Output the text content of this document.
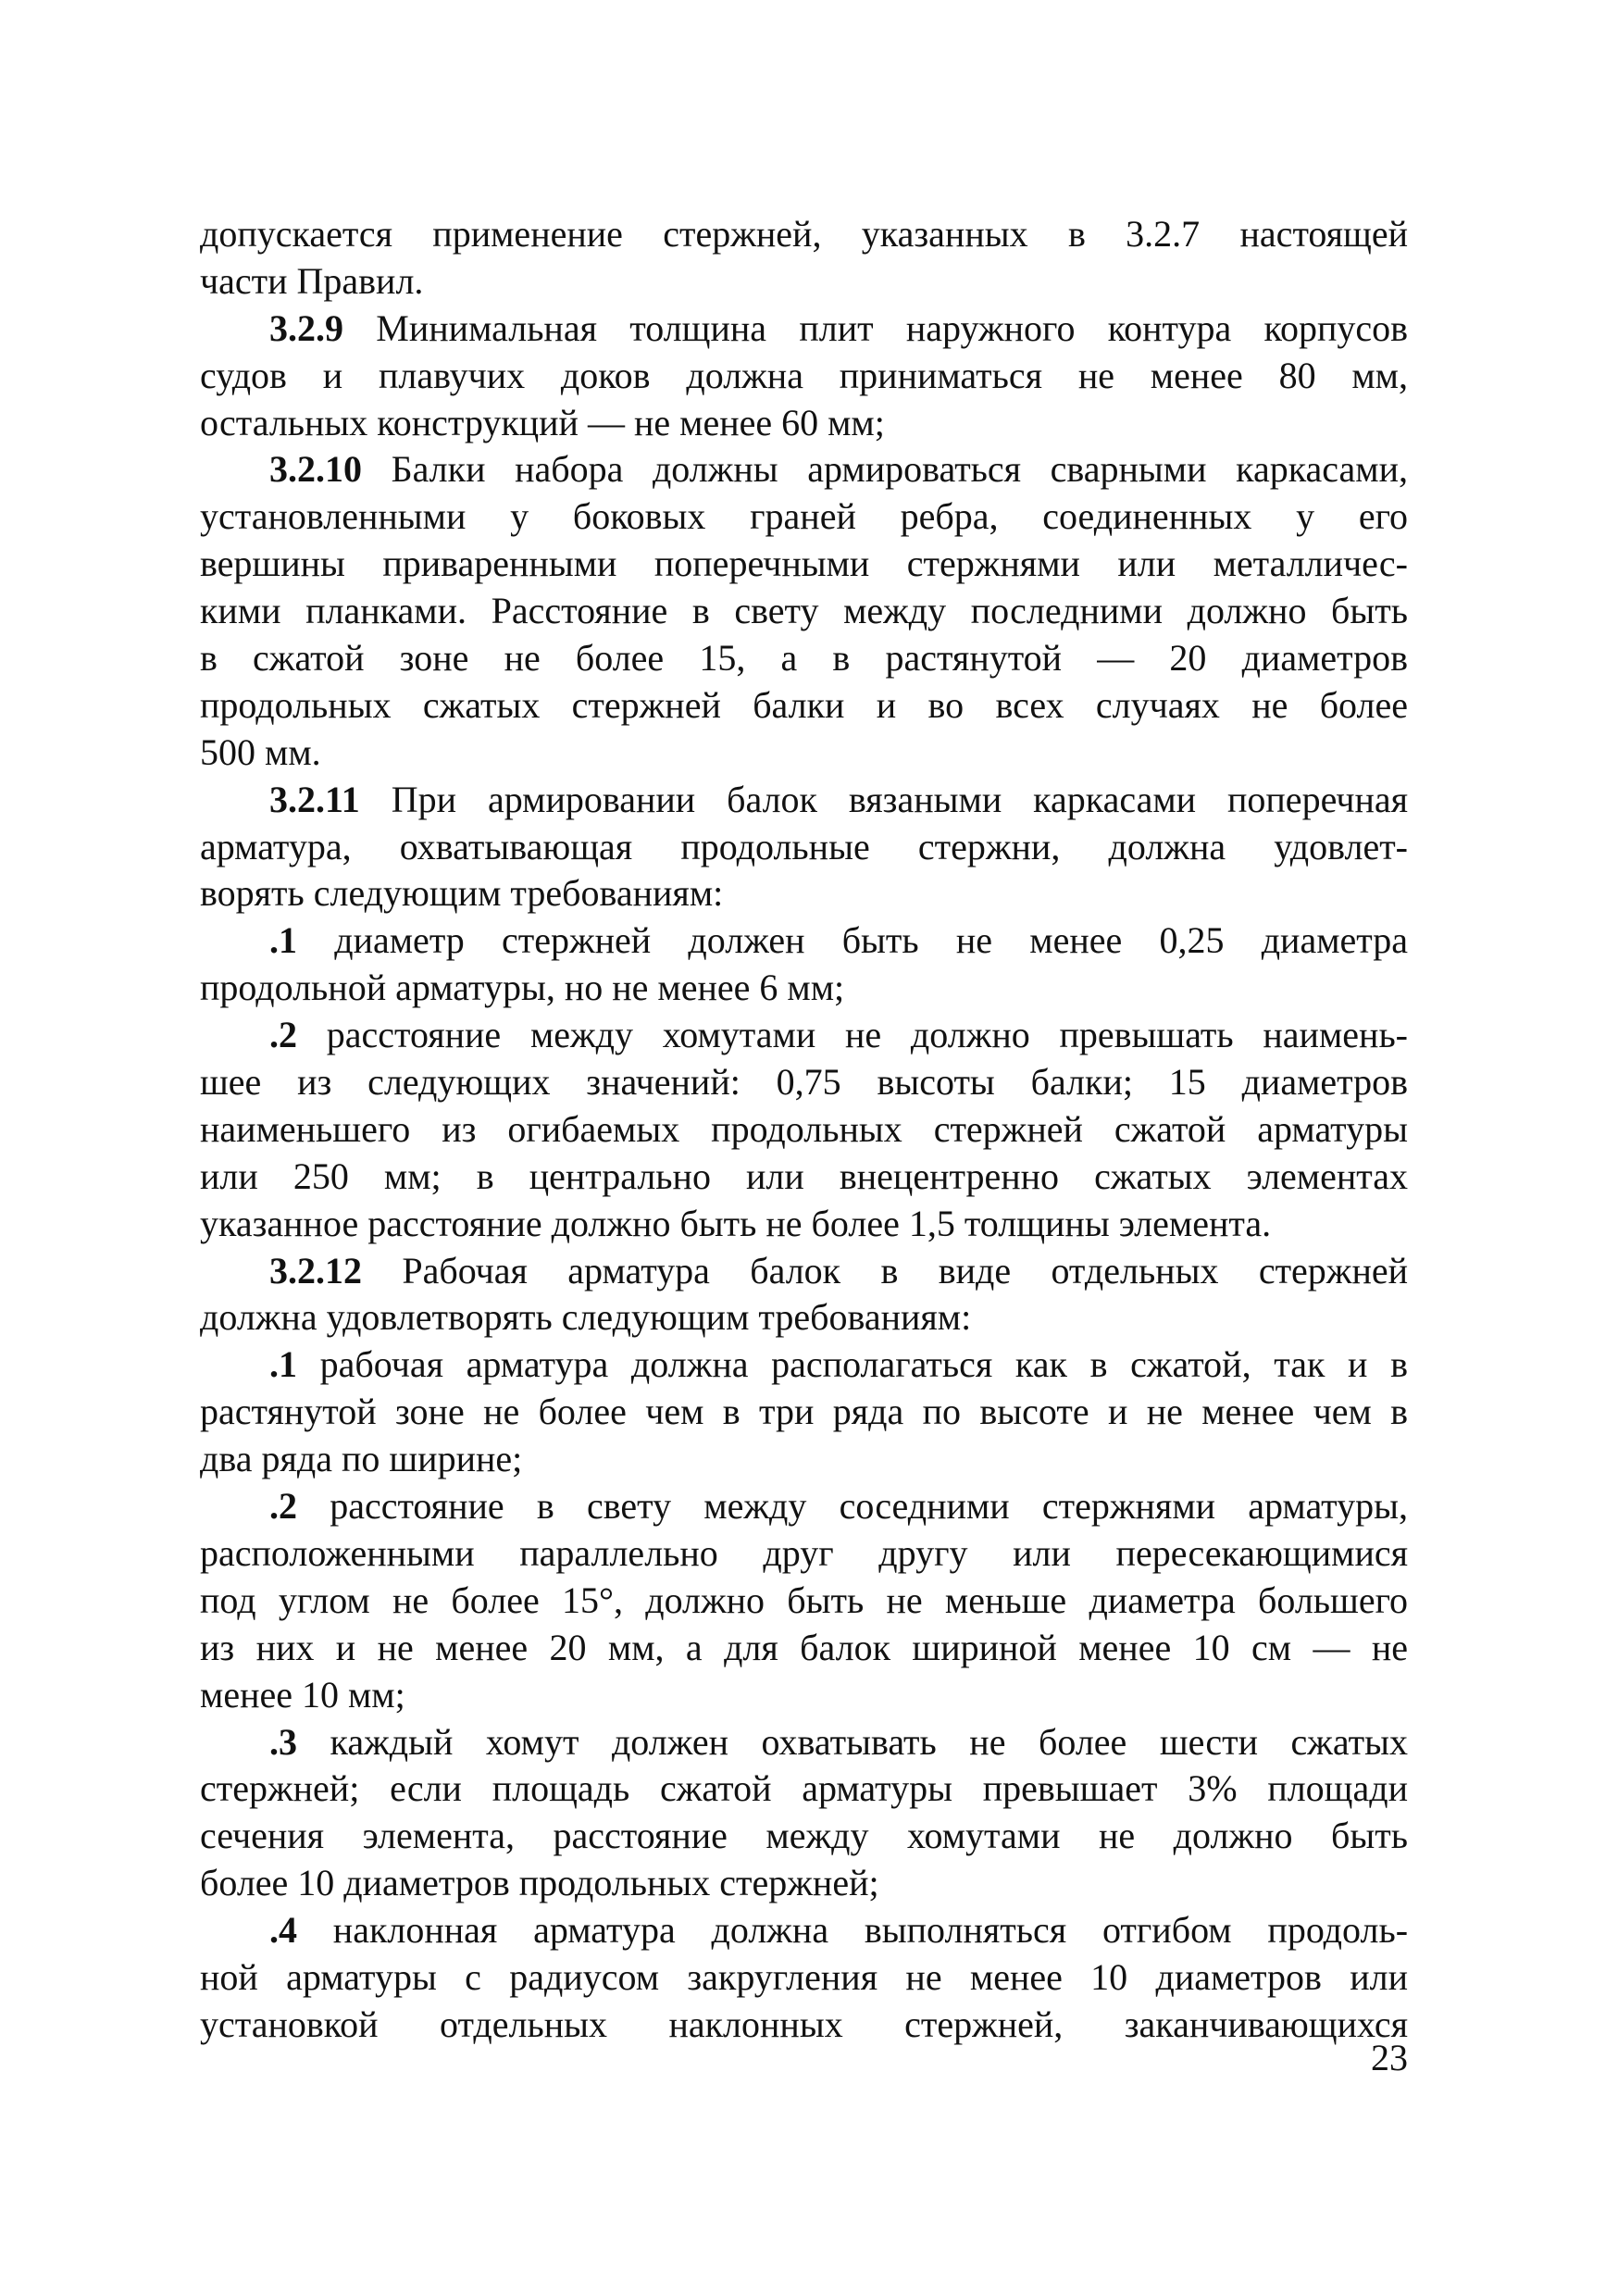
допускается применение стержней, указанных в 3.2.7 настоящей
части Правил.
3.2.9 Минимальная толщина плит наружного контура корпусов
судов и плавучих доков должна приниматься не менее 80 мм,
остальных конструкций — не менее 60 мм;
3.2.10 Балки набора должны армироваться сварными каркасами,
установленными у боковых граней ребра, соединенных у его
вершины приваренными поперечными стержнями или металличес-
кими планками. Расстояние в свету между последними должно быть
в сжатой зоне не более 15, а в растянутой — 20 диаметров
продольных сжатых стержней балки и во всех случаях не более
500 мм.
3.2.11 При армировании балок вязаными каркасами поперечная
арматура, охватывающая продольные стержни, должна удовлет-
ворять следующим требованиям:
.1 диаметр стержней должен быть не менее 0,25 диаметра
продольной арматуры, но не менее 6 мм;
.2 расстояние между хомутами не должно превышать наимень-
шее из следующих значений: 0,75 высоты балки; 15 диаметров
наименьшего из огибаемых продольных стержней сжатой арматуры
или 250 мм; в центрально или внецентренно сжатых элементах
указанное расстояние должно быть не более 1,5 толщины элемента.
3.2.12 Рабочая арматура балок в виде отдельных стержней
должна удовлетворять следующим требованиям:
.1 рабочая арматура должна располагаться как в сжатой, так и в
растянутой зоне не более чем в три ряда по высоте и не менее чем в
два ряда по ширине;
.2 расстояние в свету между соседними стержнями арматуры,
расположенными параллельно друг другу или пересекающимися
под углом не более 15°, должно быть не меньше диаметра большего
из них и не менее 20 мм, а для балок шириной менее 10 см — не
менее 10 мм;
.3 каждый хомут должен охватывать не более шести сжатых
стержней; если площадь сжатой арматуры превышает 3% площади
сечения элемента, расстояние между хомутами не должно быть
более 10 диаметров продольных стержней;
.4 наклонная арматура должна выполняться отгибом продоль-
ной арматуры с радиусом закругления не менее 10 диаметров или
установкой отдельных наклонных стержней, заканчивающихся
23
